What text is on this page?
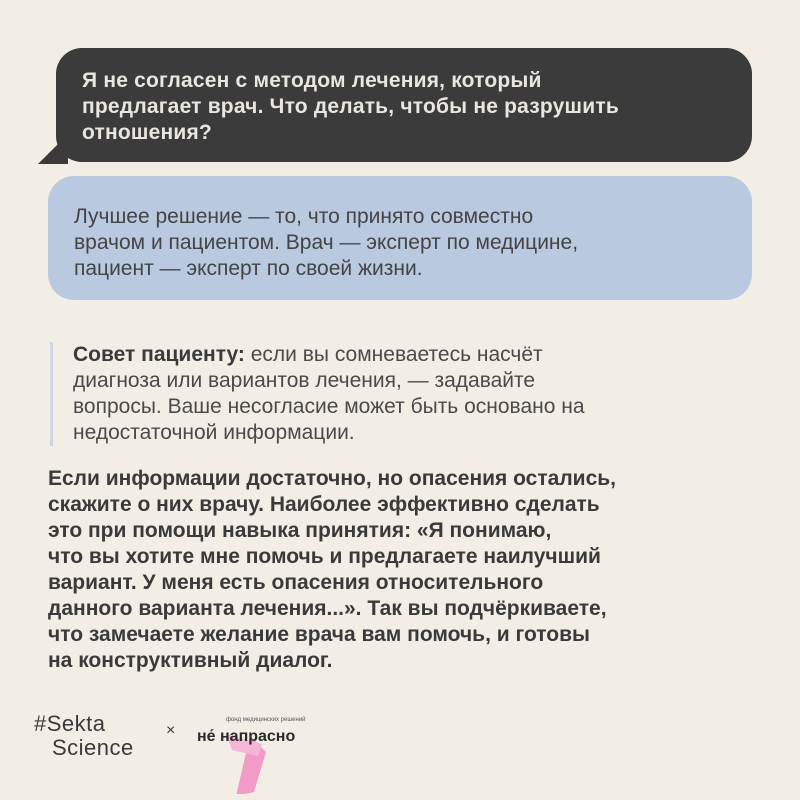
Я не согласен с методом лечения, который
предлагает врач. Что делать, чтобы не разрушить
отношения?
Лучшее решение — то, что принято совместно
врачом и пациентом. Врач — эксперт по медицине,
пациент — эксперт по своей жизни.
Совет пациенту: если вы сомневаетесь насчёт
диагноза или вариантов лечения, — задавайте
вопросы. Ваше несогласие может быть основано на
недостаточной информации.
Если информации достаточно, но опасения остались,
скажите о них врачу. Наиболее эффективно сделать
это при помощи навыка принятия: «Я понимаю,
что вы хотите мне помочь и предлагаете наилучший
вариант. У меня есть опасения относительного
данного варианта лечения...». Так вы подчёркиваете,
что замечаете желание врача вам помочь, и готовы
на конструктивный диалог.
#Sekta
Science
×
фонд медицинских решений
не́ напрасно
